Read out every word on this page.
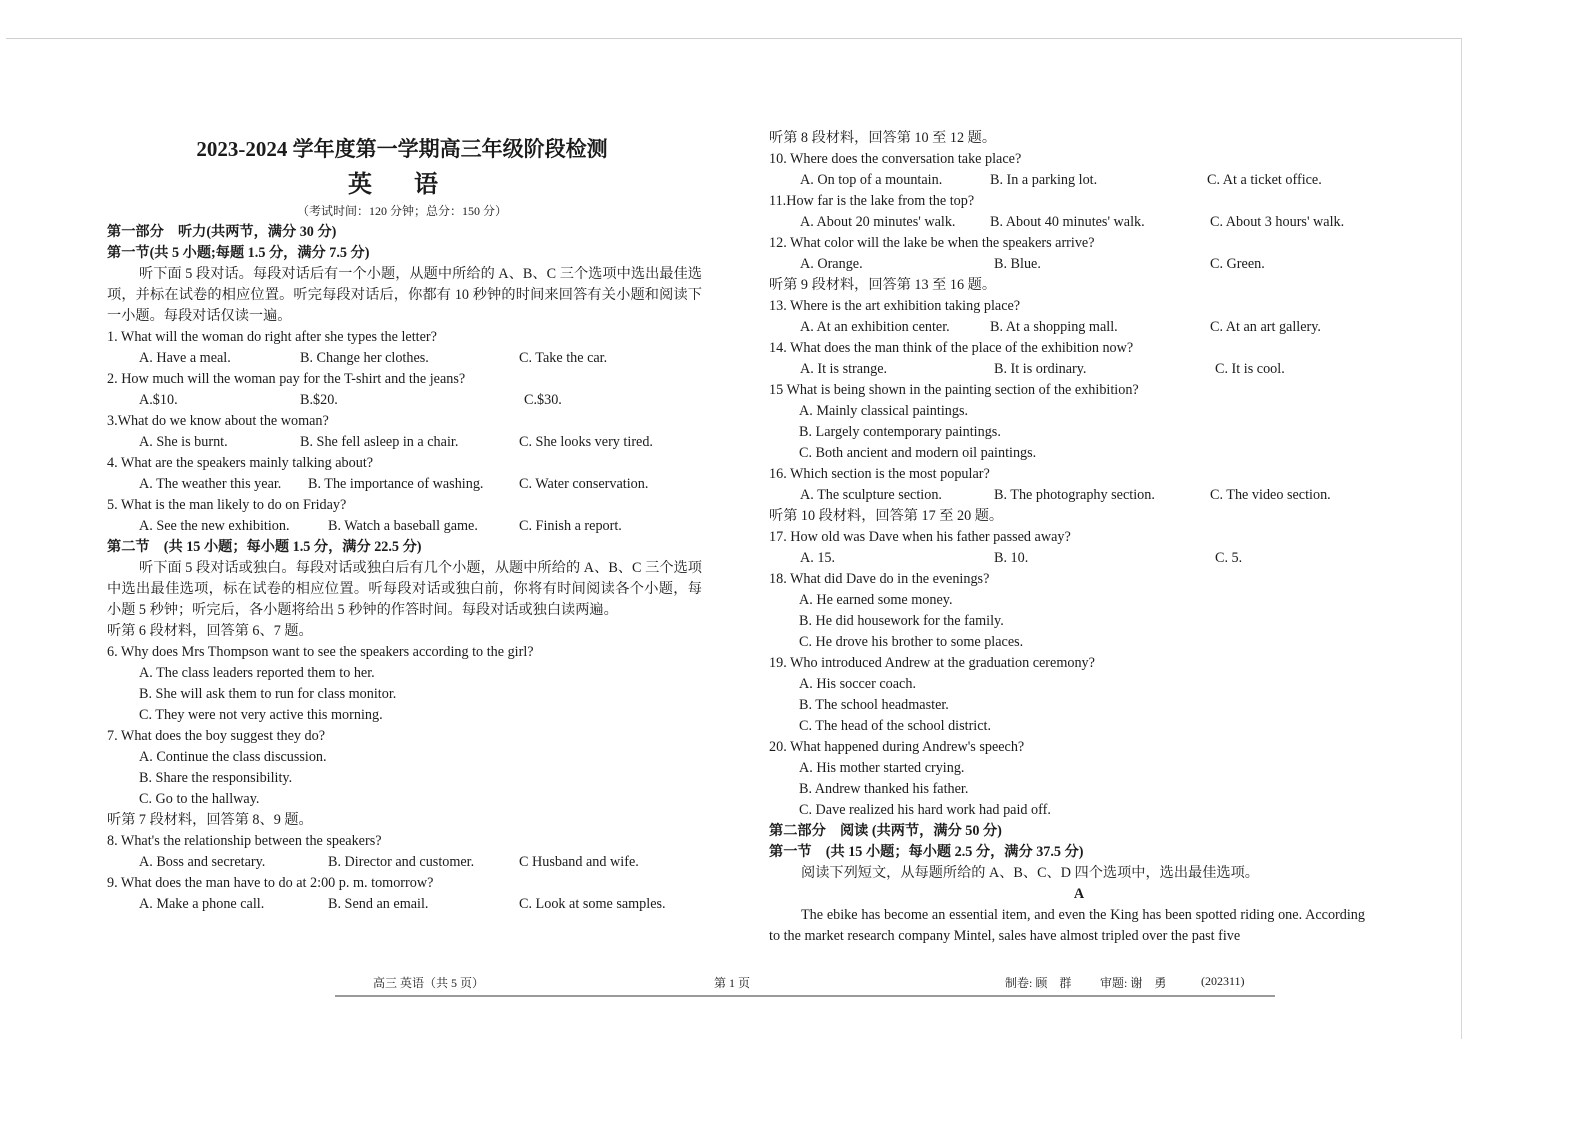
2023-2024 学年度第一学期高三年级阶段检测
英 语
（考试时间：120 分钟；总分：150 分）
第一部分　听力(共两节，满分 30 分)
第一节(共 5 小题;每题 1.5 分，满分 7.5 分)
听下面 5 段对话。每段对话后有一个小题，从题中所给的 A、B、C 三个选项中选出最佳选项，并标在试卷的相应位置。听完每段对话后，你都有 10 秒钟的时间来回答有关小题和阅读下一小题。每段对话仅读一遍。
1. What will the woman do right after she types the letter?
A. Have a meal.	B. Change her clothes.	C. Take the car.
2. How much will the woman pay for the T-shirt and the jeans?
A.$10.	B.$20.	C.$30.
3.What do we know about the woman?
A. She is burnt.	B. She fell asleep in a chair.	C. She looks very tired.
4. What are the speakers mainly talking about?
A. The weather this year. B. The importance of washing.	C. Water conservation.
5. What is the man likely to do on Friday?
A. See the new exhibition.	B. Watch a baseball game.	C. Finish a report.
第二节　(共 15 小题；每小题 1.5 分，满分 22.5 分)
听下面 5 段对话或独白。每段对话或独白后有几个小题，从题中所给的 A、B、C 三个选项中选出最佳选项，标在试卷的相应位置。听每段对话或独白前，你将有时间阅读各个小题，每小题 5 秒钟；听完后，各小题将给出 5 秒钟的作答时间。每段对话或独白读两遍。
听第 6 段材料，回答第 6、7 题。
6. Why does Mrs Thompson want to see the speakers according to the girl?
A. The class leaders reported them to her.
B. She will ask them to run for class monitor.
C. They were not very active this morning.
7. What does the boy suggest they do?
A. Continue the class discussion.
B. Share the responsibility.
C. Go to the hallway.
听第 7 段材料，回答第 8、9 题。
8. What's the relationship between the speakers?
A. Boss and secretary.	B. Director and customer.	C Husband and wife.
9. What does the man have to do at 2:00 p. m. tomorrow?
A. Make a phone call.	B. Send an email.	C. Look at some samples.
听第 8 段材料，回答第 10 至 12 题。
10. Where does the conversation take place?
A. On top of a mountain.	B. In a parking lot.	C. At a ticket office.
11.How far is the lake from the top?
A. About 20 minutes' walk. B. About 40 minutes' walk.	C. About 3 hours' walk.
12. What color will the lake be when the speakers arrive?
A. Orange.	B. Blue.	C. Green.
听第 9 段材料，回答第 13 至 16 题。
13. Where is the art exhibition taking place?
A. At an exhibition center.	B. At a shopping mall.	C. At an art gallery.
14. What does the man think of the place of the exhibition now?
A. It is strange.	B. It is ordinary.	C. It is cool.
15 What is being shown in the painting section of the exhibition?
A. Mainly classical paintings.
B. Largely contemporary paintings.
C. Both ancient and modern oil paintings.
16. Which section is the most popular?
A. The sculpture section.	B. The photography section.	C. The video section.
听第 10 段材料，回答第 17 至 20 题。
17. How old was Dave when his father passed away?
A. 15.	B. 10.	C. 5.
18. What did Dave do in the evenings?
A. He earned some money.
B. He did housework for the family.
C. He drove his brother to some places.
19. Who introduced Andrew at the graduation ceremony?
A. His soccer coach.
B. The school headmaster.
C. The head of the school district.
20. What happened during Andrew's speech?
A. His mother started crying.
B. Andrew thanked his father.
C. Dave realized his hard work had paid off.
第二部分　阅读 (共两节，满分 50 分)
第一节　(共 15 小题；每小题 2.5 分，满分 37.5 分)
阅读下列短文，从每题所给的 A、B、C、D 四个选项中，选出最佳选项。
A
The ebike has become an essential item, and even the King has been spotted riding one. According to the market research company Mintel, sales have almost tripled over the past five
高三 英语（共 5 页）	第 1 页	制卷: 顾　群 审题: 谢　勇	(202311)
